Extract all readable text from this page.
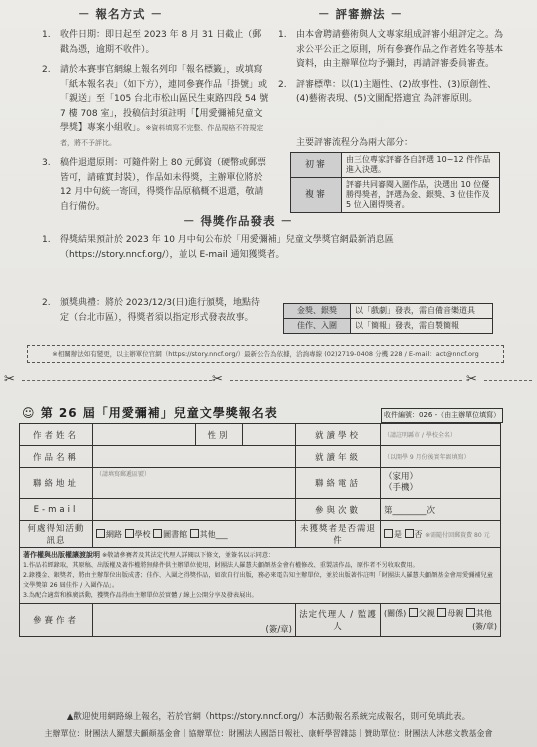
－ 報名方式 －
1. 收件日期：即日起至 2023 年 8 月 31 日截止（郵戳為憑，逾期不收件）。
2. 請於本賽事官網線上報名列印「報名標籤」，或填寫「紙本報名表」（如下方），連同參賽作品「掛號」或「親送」至「105 台北市松山區民生東路四段 54 號 7 樓 708 室」，投稿信封須註明「【用愛彌補兒童文學獎】專案小組收」。※資料填寫不完整、作品規格不符規定者，將不予評比。
3. 稿件退還原則：可隨件附上 80 元郵資（硬幣或郵票皆可，請確實封裝），作品如未得獎，主辦單位將於 12 月中旬統一寄回，得獎作品原稿概不退還，敬請自行備份。
－ 評審辦法 －
1. 由本會聘請藝術與人文專家組成評審小組評定之。為求公平公正之原則，所有參賽作品之作者姓名等基本資料，由主辦單位均予彌封，再請評審委員審查。
2. 評審標準：以(1)主題性、(2)故事性、(3)原創性、(4)藝術表現、(5)文圖配搭適宜 為評審原則。
主要評審流程分為兩大部分：
初審	由三位專家評審各自評選 10~12 件作品進入決選。
複審	評審共同審閱入圍作品，決選出 10 位優勝得獎者，評選為金、銀獎、3 位佳作及 5 位入圍得獎者。
－ 得獎作品發表 －
1. 得獎結果預計於 2023 年 10 月中旬公布於「用愛彌補」兒童文學獎官網最新消息區（https://story.nncf.org/），並以 E-mail 通知獲獎者。
2. 頒獎典禮：將於 2023/12/3(日)進行頒獎，地點待定（台北市區），得獎者須以指定形式發表故事。
金獎、銀獎	以「戲劇」發表，需自備音樂道具
佳作、入圍	以「簡報」發表，需自製簡報
※相關辦法如有變更，以主辦單位官網（https://story.nncf.org/）最新公告為依據，洽詢專線 (02)2719-0408 分機 228 / E-mail：act@nncf.org
✂	✂	✂
☺ 第 26 屆「用愛彌補」兒童文學獎報名表	收件編號：026 -（由主辦單位填寫）
作者姓名		性別		就讀學校	（請註明縣市 / 學校全名）
作品名稱				就讀年級	（以開學 9 月份後實年級填寫）
聯絡地址	（請填寫郵遞區號）			聯絡電話	（家用）
（手機）

E-mail				參與次數	第________次
何處得知活動訊息	網路 學校 圖書館 其他___			未獲獎者是否需退件	是 否 ※需隨付回郵資費 80 元
著作權與出版權讓渡說明 ※敬請參賽者及其法定代理人詳閱以下條文，並簽名以示同意：
1.作品若經錄取，其原稿、出版權及著作權將無條件供主辦單位使用，財團法人羅慧夫顱顏基金會有權修改、重製該作品，原作者不另收取費用。
2.錄獲金、銀獎者，將由主辦單位出版成書；佳作、入圍之得獎作品，如欲自行出版，務必來電告知主辦單位，並於出版著作註明「財團法人羅慧夫顱顏基金會用愛彌補兒童文學獎第 26 屆佳作 / 入圍作品」。
3.為配合適當和推廣活動，獲獎作品得由主辦單位於實體 / 線上公開分享及發表展出。					
參賽作者	(簽/章)			法定代理人 / 監護人	(關係) 父親 母親 其他
(簽/章)
▲歡迎使用網路線上報名，若於官網（https://story.nncf.org/）本活動報名系統完成報名，則可免填此表。
主辦單位：財團法人羅慧夫顱顏基金會｜協辦單位：財團法人國語日報社、康軒學習雜誌｜贊助單位：財團法人沐慈文教基金會
